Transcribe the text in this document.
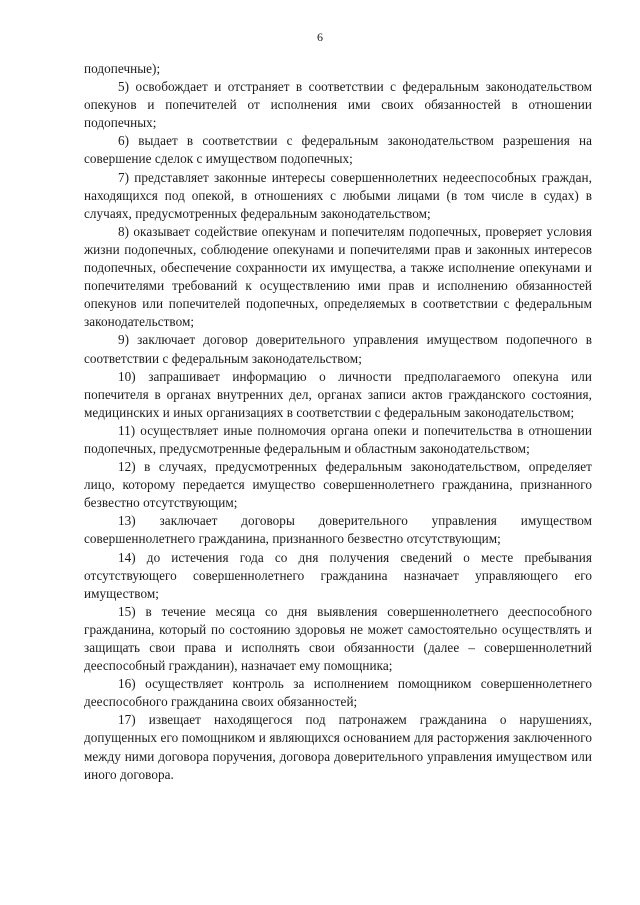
6

подопечные);

5) освобождает и отстраняет в соответствии с федеральным законодательством опекунов и попечителей от исполнения ими своих обязанностей в отношении подопечных;

6) выдает в соответствии с федеральным законодательством разрешения на совершение сделок с имуществом подопечных;

7) представляет законные интересы совершеннолетних недееспособных граждан, находящихся под опекой, в отношениях с любыми лицами (в том числе в судах) в случаях, предусмотренных федеральным законодательством;

8) оказывает содействие опекунам и попечителям подопечных, проверяет условия жизни подопечных, соблюдение опекунами и попечителями прав и законных интересов подопечных, обеспечение сохранности их имущества, а также исполнение опекунами и попечителями требований к осуществлению ими прав и исполнению обязанностей опекунов или попечителей подопечных, определяемых в соответствии с федеральным законодательством;

9) заключает договор доверительного управления имуществом подопечного в соответствии с федеральным законодательством;

10) запрашивает информацию о личности предполагаемого опекуна или попечителя в органах внутренних дел, органах записи актов гражданского состояния, медицинских и иных организациях в соответствии с федеральным законодательством;

11) осуществляет иные полномочия органа опеки и попечительства в отношении подопечных, предусмотренные федеральным и областным законодательством;

12) в случаях, предусмотренных федеральным законодательством, определяет лицо, которому передается имущество совершеннолетнего гражданина, признанного безвестно отсутствующим;

13) заключает договоры доверительного управления имуществом совершеннолетнего гражданина, признанного безвестно отсутствующим;

14) до истечения года со дня получения сведений о месте пребывания отсутствующего совершеннолетнего гражданина назначает управляющего его имуществом;

15) в течение месяца со дня выявления совершеннолетнего дееспособного гражданина, который по состоянию здоровья не может самостоятельно осуществлять и защищать свои права и исполнять свои обязанности (далее – совершеннолетний дееспособный гражданин), назначает ему помощника;

16) осуществляет контроль за исполнением помощником совершеннолетнего дееспособного гражданина своих обязанностей;

17) извещает находящегося под патронажем гражданина о нарушениях, допущенных его помощником и являющихся основанием для расторжения заключенного между ними договора поручения, договора доверительного управления имуществом или иного договора.
